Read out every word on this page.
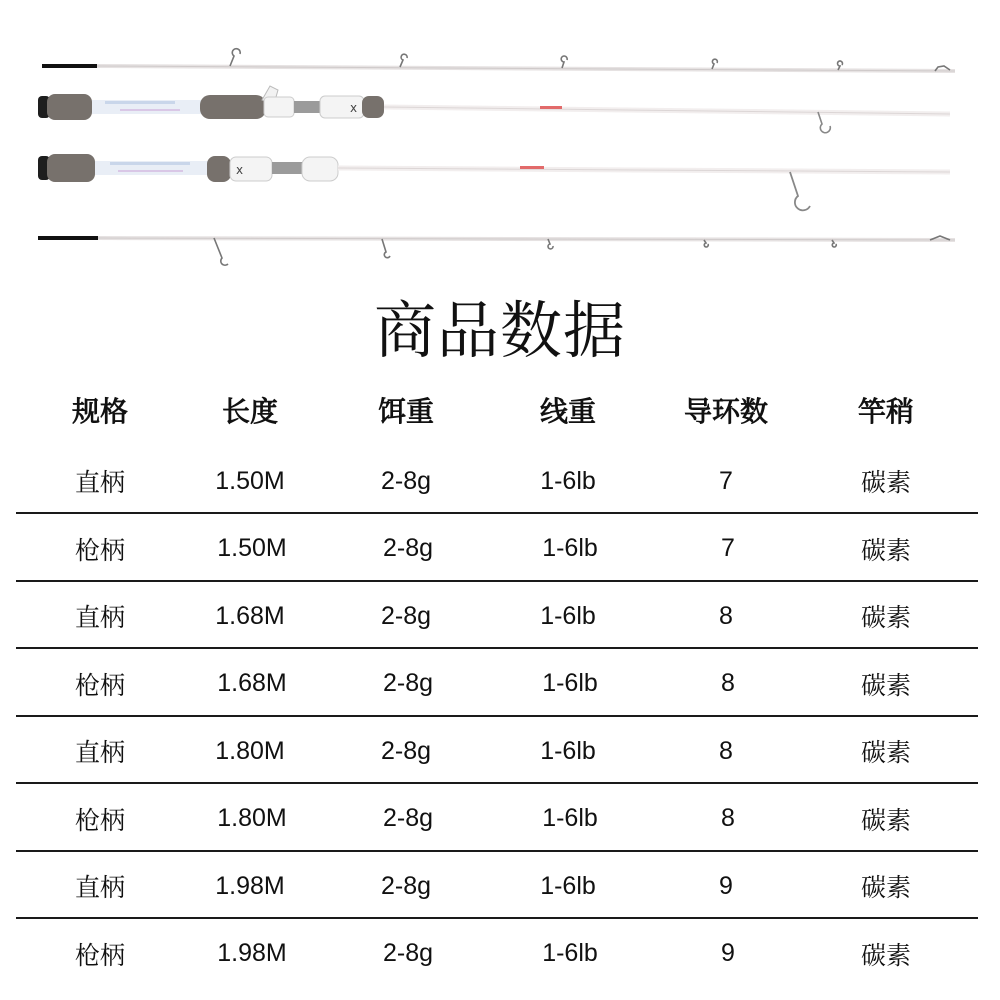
x
x
商品数据
规格	长度	饵重	线重	导环数	竿稍
直柄	1.50M	2-8g	1-6lb	7	碳素
枪柄	1.50M	2-8g	1-6lb	7	碳素
直柄	1.68M	2-8g	1-6lb	8	碳素
枪柄	1.68M	2-8g	1-6lb	8	碳素
直柄	1.80M	2-8g	1-6lb	8	碳素
枪柄	1.80M	2-8g	1-6lb	8	碳素
直柄	1.98M	2-8g	1-6lb	9	碳素
枪柄	1.98M	2-8g	1-6lb	9	碳素
